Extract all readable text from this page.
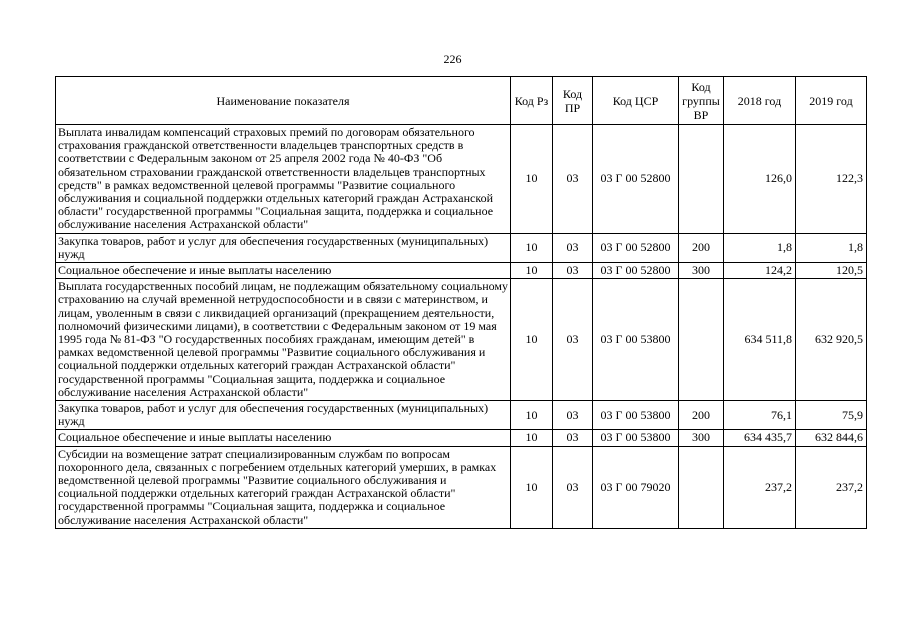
226
Наименование показателя	Код Рз	Код ПР	Код ЦСР	Код группы ВР	2018 год	2019 год
Выплата инвалидам компенсаций страховых премий по договорам обязательного страхования гражданской ответственности владельцев транспортных средств в соответствии с Федеральным законом от 25 апреля 2002 года № 40-ФЗ "Об обязательном страховании гражданской ответственности владельцев транспортных средств" в рамках ведомственной целевой программы "Развитие социального обслуживания и социальной поддержки отдельных категорий граждан Астраханской области" государственной программы "Социальная защита, поддержка и социальное обслуживание населения Астраханской области"	10	03	03 Г 00 52800		126,0	122,3
Закупка товаров, работ и услуг для обеспечения государственных (муниципальных) нужд	10	03	03 Г 00 52800	200	1,8	1,8
Социальное обеспечение и иные выплаты населению	10	03	03 Г 00 52800	300	124,2	120,5
Выплата государственных пособий лицам, не подлежащим обязательному социальному страхованию на случай временной нетрудоспособности и в связи с материнством, и лицам, уволенным в связи с ликвидацией организаций (прекращением деятельности, полномочий физическими лицами), в соответствии с Федеральным законом от 19 мая 1995 года № 81-ФЗ "О государственных пособиях гражданам, имеющим детей" в рамках ведомственной целевой программы "Развитие социального обслуживания и социальной поддержки отдельных категорий граждан Астраханской области" государственной программы "Социальная защита, поддержка и социальное обслуживание населения Астраханской области"	10	03	03 Г 00 53800		634 511,8	632 920,5
Закупка товаров, работ и услуг для обеспечения государственных (муниципальных) нужд	10	03	03 Г 00 53800	200	76,1	75,9
Социальное обеспечение и иные выплаты населению	10	03	03 Г 00 53800	300	634 435,7	632 844,6
Субсидии на возмещение затрат специализированным службам по вопросам похоронного дела, связанных с погребением отдельных категорий умерших, в рамках ведомственной целевой программы "Развитие социального обслуживания и социальной поддержки отдельных категорий граждан Астраханской области" государственной программы "Социальная защита, поддержка и социальное обслуживание населения Астраханской области"	10	03	03 Г 00 79020		237,2	237,2
